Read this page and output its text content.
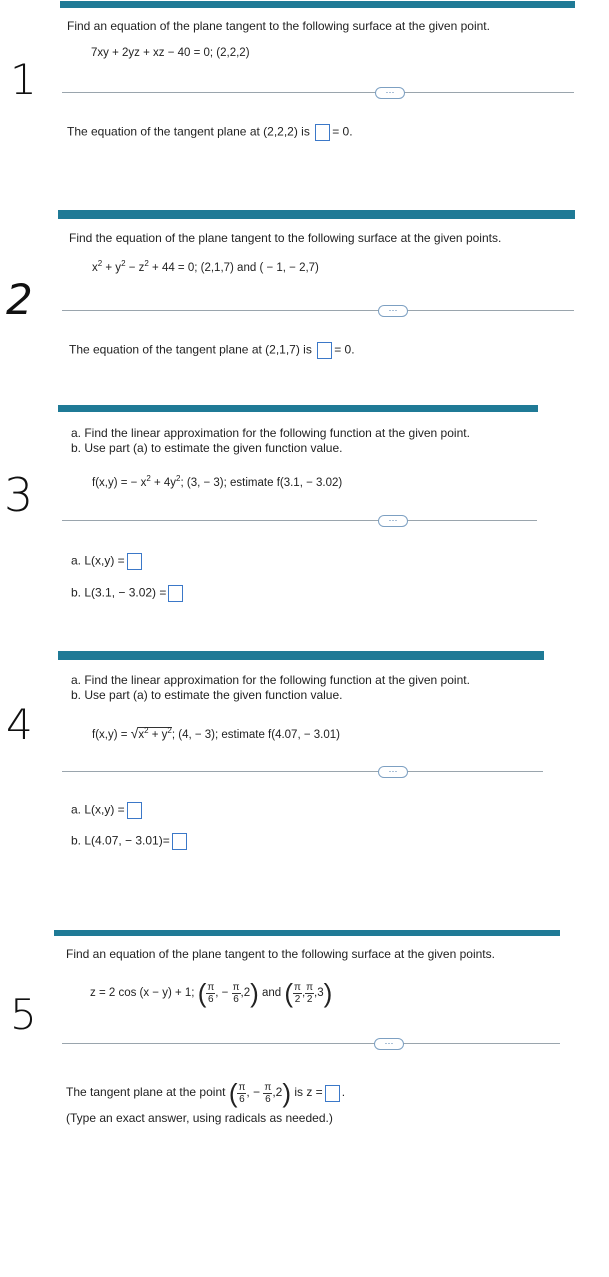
1
Find an equation of the plane tangent to the following surface at the given point.
7xy + 2yz + xz − 40 = 0; (2,2,2)
···
The equation of the tangent plane at (2,2,2) is = 0.
2
Find the equation of the plane tangent to the following surface at the given points.
$x^2 + y^2 - z^2 + 44 = 0$; (2,1,7) and ( − 1, − 2,7)
···
The equation of the tangent plane at (2,1,7) is = 0.
3
a. Find the linear approximation for the following function at the given point.
b. Use part (a) to estimate the given function value.
f(x,y) = − $x^2 + 4y^2$; (3, − 3); estimate f(3.1, − 3.02)
···
a. L(x,y) =
b. L(3.1, − 3.02) =
4
a. Find the linear approximation for the following function at the given point.
b. Use part (a) to estimate the given function value.
$f(x,y) = √x^2 + y^2$; (4, − 3); estimate f(4.07, − 3.01)
···
a. L(x,y) =
b. L(4.07, − 3.01)=
5
Find an equation of the plane tangent to the following surface at the given points.
z = 2 cos (x − y) + 1; ( $\frac{\pi}{6}$ , − $\frac{\pi}{6} ,2$) and ( $\frac{\pi}{2}$ , $\frac{\pi}{2} ,3$)
···
The tangent plane at the point ( $\frac{\pi}{6}$ , − $\frac{\pi}{6} ,2$) is z = .
(Type an exact answer, using radicals as needed.)
